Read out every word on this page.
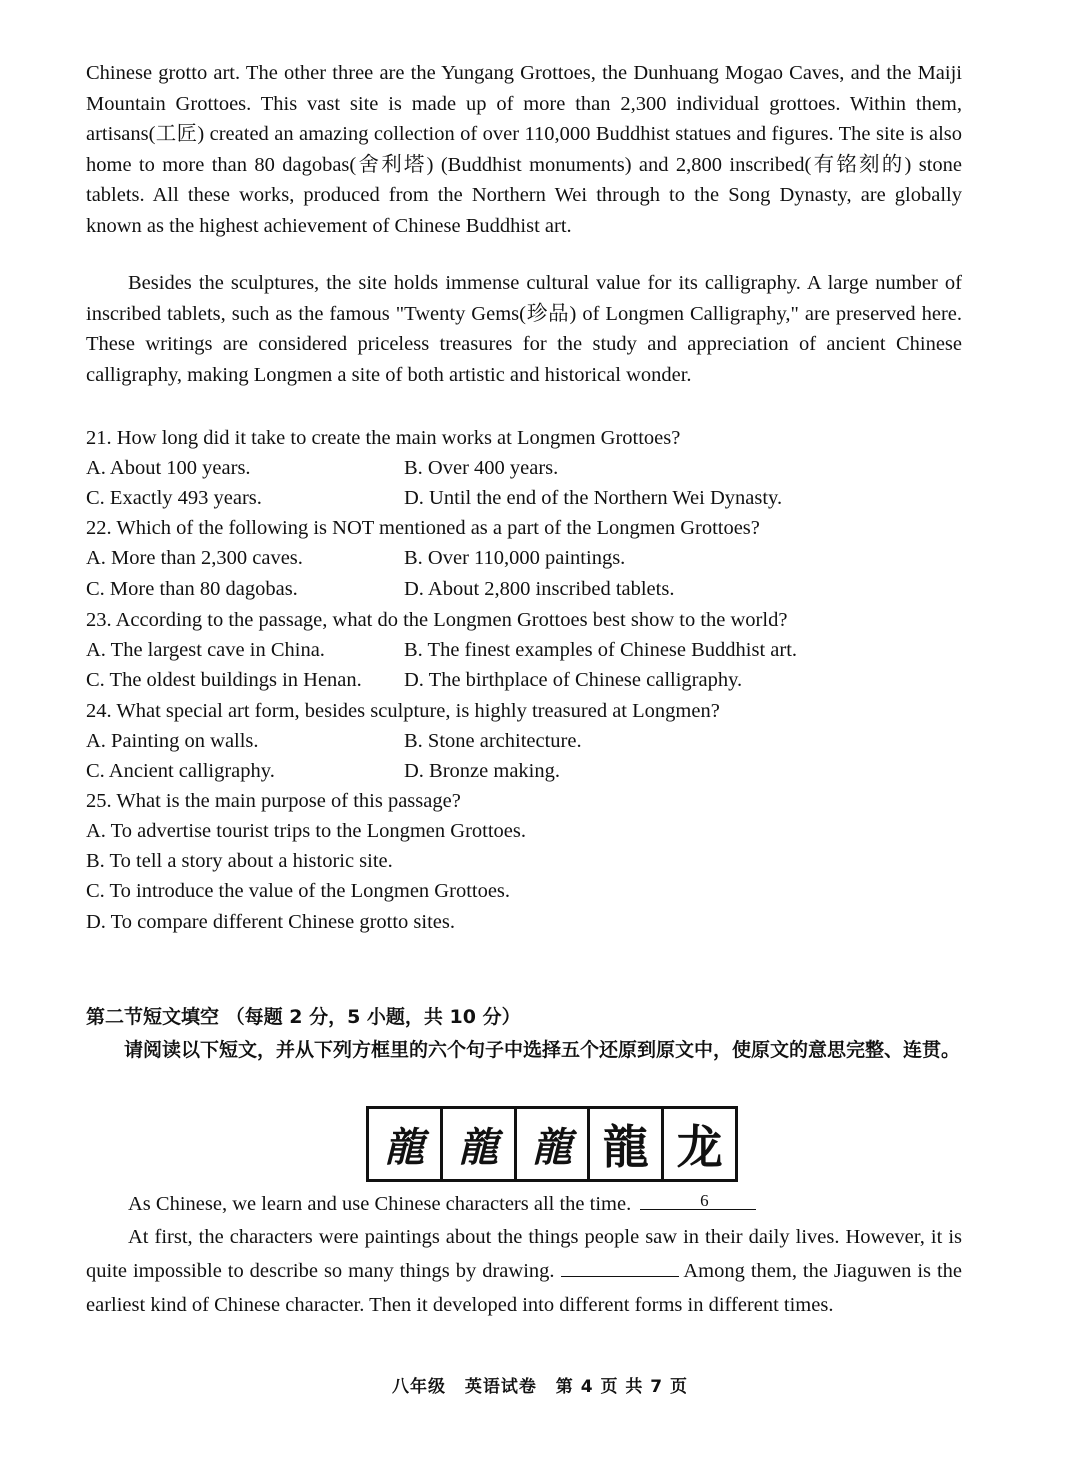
Chinese grotto art. The other three are the Yungang Grottoes, the Dunhuang Mogao Caves, and the Maiji Mountain Grottoes. This vast site is made up of more than 2,300 individual grottoes. Within them, artisans(工匠) created an amazing collection of over 110,000 Buddhist statues and figures. The site is also home to more than 80 dagobas(舍利塔) (Buddhist monuments) and 2,800 inscribed(有铭刻的) stone tablets. All these works, produced from the Northern Wei through to the Song Dynasty, are globally known as the highest achievement of Chinese Buddhist art.

Besides the sculptures, the site holds immense cultural value for its calligraphy. A large number of inscribed tablets, such as the famous "Twenty Gems(珍品) of Longmen Calligraphy," are preserved here. These writings are considered priceless treasures for the study and appreciation of ancient Chinese calligraphy, making Longmen a site of both artistic and historical wonder.

21. How long did it take to create the main works at Longmen Grottoes?
A. About 100 years.	B. Over 400 years.
C. Exactly 493 years.	D. Until the end of the Northern Wei Dynasty.
22. Which of the following is NOT mentioned as a part of the Longmen Grottoes?
A. More than 2,300 caves.	B. Over 110,000 paintings.
C. More than 80 dagobas.	D. About 2,800 inscribed tablets.
23. According to the passage, what do the Longmen Grottoes best show to the world?
A. The largest cave in China.	B. The finest examples of Chinese Buddhist art.
C. The oldest buildings in Henan. D. The birthplace of Chinese calligraphy.
24. What special art form, besides sculpture, is highly treasured at Longmen?
A. Painting on walls.	B. Stone architecture.
C. Ancient calligraphy.	D. Bronze making.
25. What is the main purpose of this passage?
A. To advertise tourist trips to the Longmen Grottoes.
B. To tell a story about a historic site.
C. To introduce the value of the Longmen Grottoes.
D. To compare different Chinese grotto sites.
第二节短文填空 （每题 2 分，5 小题，共 10 分）
请阅读以下短文，并从下列方框里的六个句子中选择五个还原到原文中，使原文的意思完整、连贯。
龍 龍 龍 龍 龙
As Chinese, we learn and use Chinese characters all the time.	6
At first, the characters were paintings about the things people saw in their daily lives. However, it is quite impossible to describe so many things by drawing.	Among them, the Jiaguwen is the earliest kind of Chinese character. Then it developed into different forms in different times.
八年级 英语试卷 第 4 页 共 7 页
